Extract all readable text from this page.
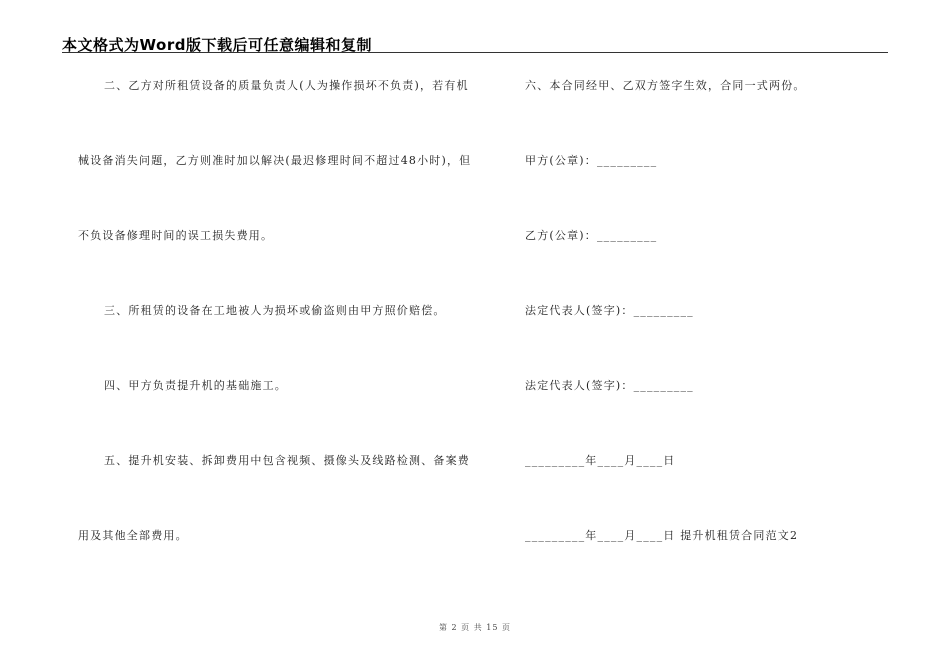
本文格式为Word版下载后可任意编辑和复制
二、乙方对所租赁设备的质量负责人(人为操作损坏不负责)，若有机
械设备消失问题，乙方则准时加以解决(最迟修理时间不超过48小时)，但
不负设备修理时间的误工损失费用。
三、所租赁的设备在工地被人为损坏或偷盗则由甲方照价赔偿。
四、甲方负责提升机的基础施工。
五、提升机安装、拆卸费用中包含视频、摄像头及线路检测、备案费
用及其他全部费用。
六、本合同经甲、乙双方签字生效，合同一式两份。
甲方(公章)：_________
乙方(公章)：_________
法定代表人(签字)：_________
法定代表人(签字)：_________
_________年____月____日
_________年____月____日 提升机租赁合同范文2
第 2 页 共 15 页
